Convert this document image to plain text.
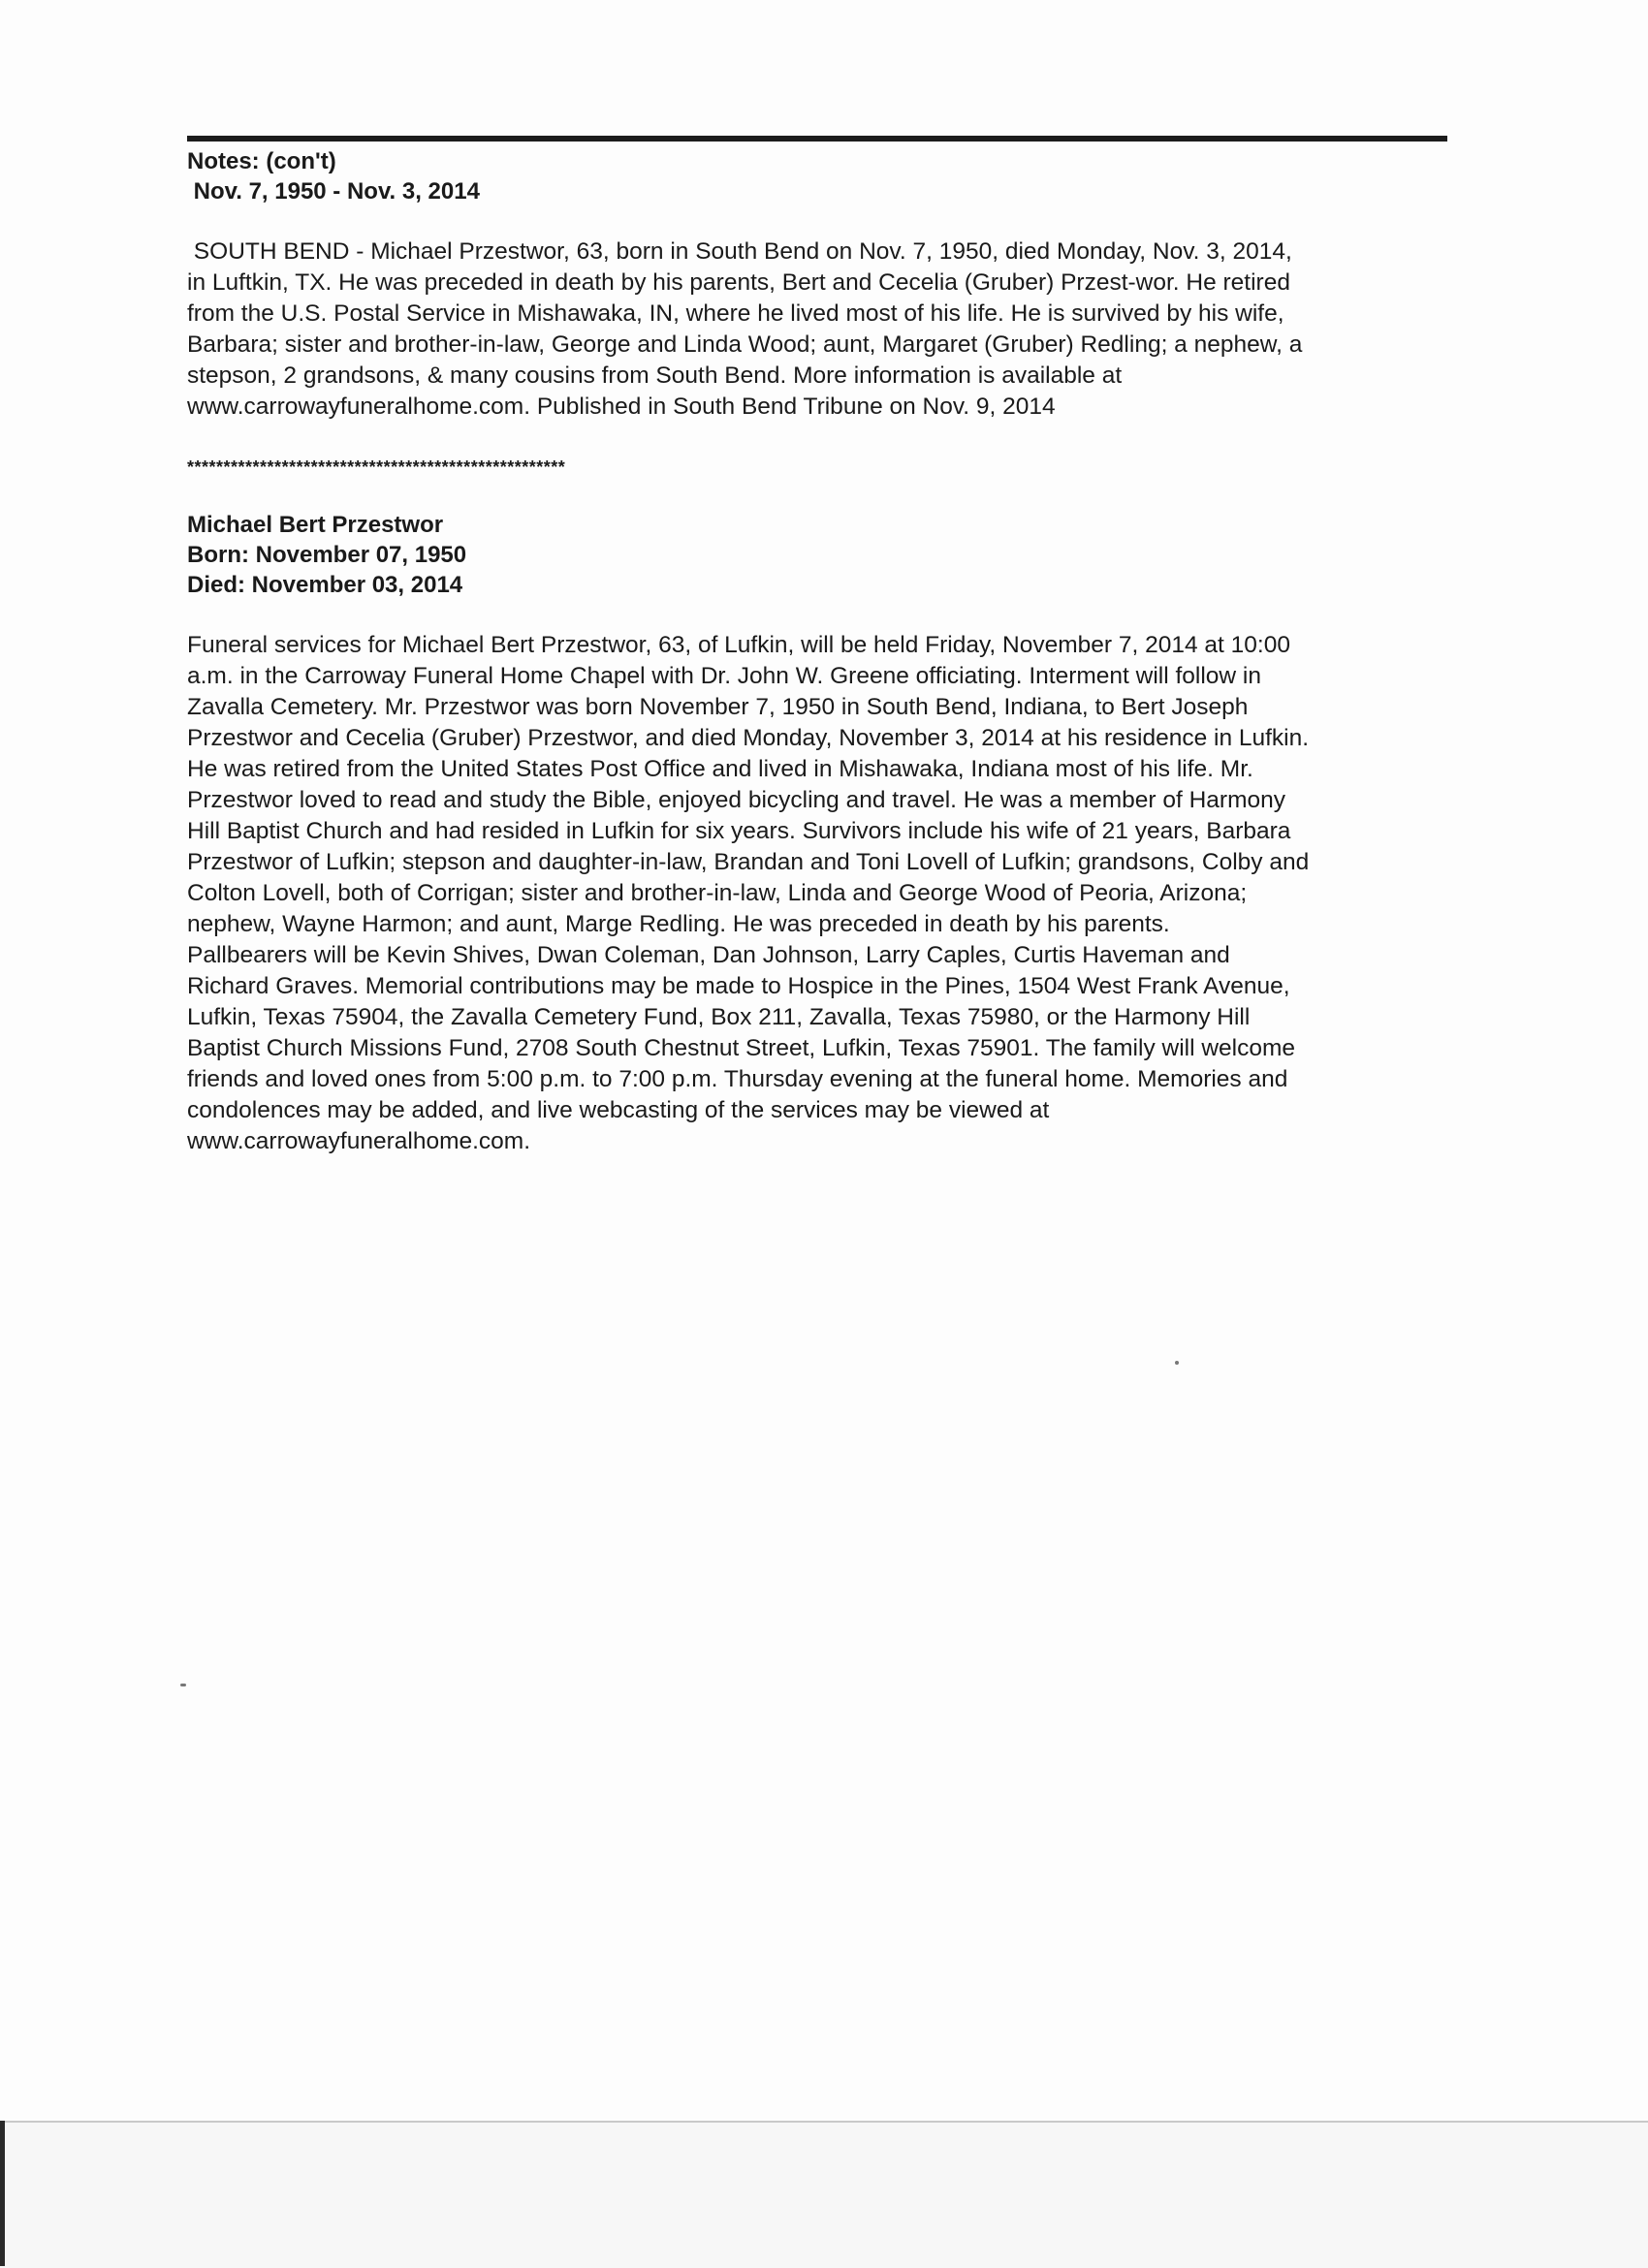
Notes: (con't)

Nov. 7, 1950 - Nov. 3, 2014

SOUTH BEND - Michael Przestwor, 63, born in South Bend on Nov. 7, 1950, died Monday, Nov. 3, 2014,
in Luftkin, TX. He was preceded in death by his parents, Bert and Cecelia (Gruber) Przest-wor. He retired
from the U.S. Postal Service in Mishawaka, IN, where he lived most of his life. He is survived by his wife,
Barbara; sister and brother-in-law, George and Linda Wood; aunt, Margaret (Gruber) Redling; a nephew, a
stepson, 2 grandsons, & many cousins from South Bend. More information is available at
www.carrowayfuneralhome.com. Published in South Bend Tribune on Nov. 9, 2014

****************************************************

Michael Bert Przestwor

Born: November 07, 1950

Died: November 03, 2014

Funeral services for Michael Bert Przestwor, 63, of Lufkin, will be held Friday, November 7, 2014 at 10:00
a.m. in the Carroway Funeral Home Chapel with Dr. John W. Greene officiating. Interment will follow in
Zavalla Cemetery. Mr. Przestwor was born November 7, 1950 in South Bend, Indiana, to Bert Joseph
Przestwor and Cecelia (Gruber) Przestwor, and died Monday, November 3, 2014 at his residence in Lufkin.
He was retired from the United States Post Office and lived in Mishawaka, Indiana most of his life. Mr.
Przestwor loved to read and study the Bible, enjoyed bicycling and travel. He was a member of Harmony
Hill Baptist Church and had resided in Lufkin for six years. Survivors include his wife of 21 years, Barbara
Przestwor of Lufkin; stepson and daughter-in-law, Brandan and Toni Lovell of Lufkin; grandsons, Colby and
Colton Lovell, both of Corrigan; sister and brother-in-law, Linda and George Wood of Peoria, Arizona;
nephew, Wayne Harmon; and aunt, Marge Redling. He was preceded in death by his parents.
Pallbearers will be Kevin Shives, Dwan Coleman, Dan Johnson, Larry Caples, Curtis Haveman and
Richard Graves. Memorial contributions may be made to Hospice in the Pines, 1504 West Frank Avenue,
Lufkin, Texas 75904, the Zavalla Cemetery Fund, Box 211, Zavalla, Texas 75980, or the Harmony Hill
Baptist Church Missions Fund, 2708 South Chestnut Street, Lufkin, Texas 75901. The family will welcome
friends and loved ones from 5:00 p.m. to 7:00 p.m. Thursday evening at the funeral home. Memories and
condolences may be added, and live webcasting of the services may be viewed at
www.carrowayfuneralhome.com.
